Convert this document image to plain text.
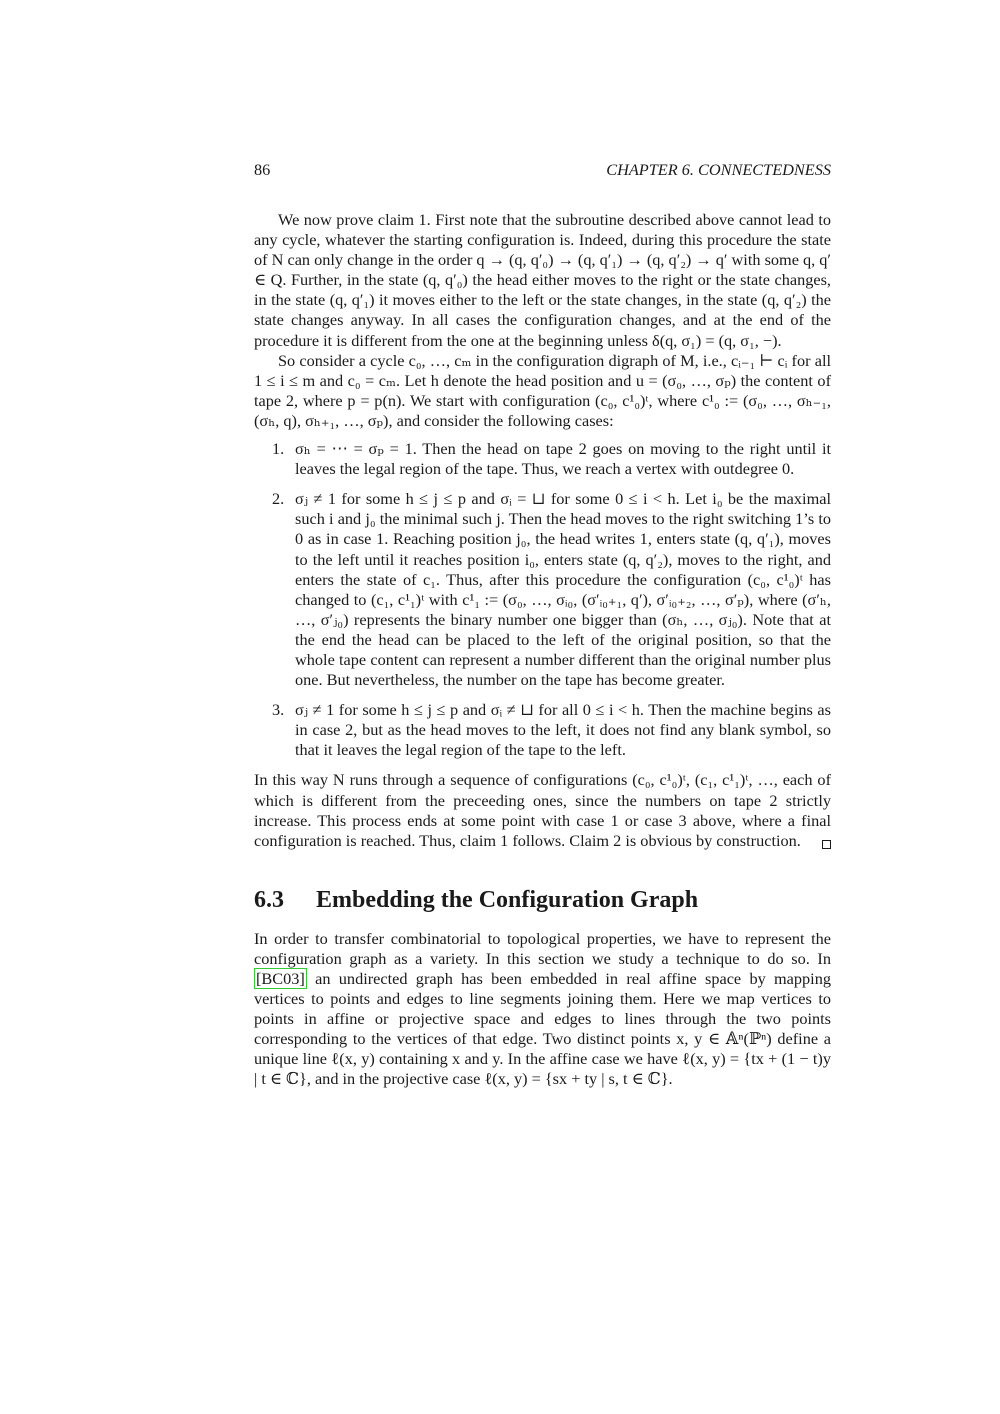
86	CHAPTER 6. CONNECTEDNESS

We now prove claim 1. First note that the subroutine described above cannot lead to any cycle, whatever the starting configuration is. Indeed, during this procedure the state of N can only change in the order q → (q, q′₀) → (q, q′₁) → (q, q′₂) → q′ with some q, q′ ∈ Q. Further, in the state (q, q′₀) the head either moves to the right or the state changes, in the state (q, q′₁) it moves either to the left or the state changes, in the state (q, q′₂) the state changes anyway. In all cases the configuration changes, and at the end of the procedure it is different from the one at the beginning unless δ(q, σ₁) = (q, σ₁, −).

So consider a cycle c₀, …, cₘ in the configuration digraph of M, i.e., cᵢ₋₁ ⊢ cᵢ for all 1 ≤ i ≤ m and c₀ = cₘ. Let h denote the head position and u = (σ₀, …, σₚ) the content of tape 2, where p = p(n). We start with configuration (c₀, c¹₀)ᵗ, where c¹₀ := (σ₀, …, σₕ₋₁, (σₕ, q), σₕ₊₁, …, σₚ), and consider the following cases:

1. σₕ = ⋯ = σₚ = 1. Then the head on tape 2 goes on moving to the right until it leaves the legal region of the tape. Thus, we reach a vertex with outdegree 0.
2. σⱼ ≠ 1 for some h ≤ j ≤ p and σᵢ = ⊔ for some 0 ≤ i < h. Let i₀ be the maximal such i and j₀ the minimal such j. Then the head moves to the right switching 1’s to 0 as in case 1. Reaching position j₀, the head writes 1, enters state (q, q′₁), moves to the left until it reaches position i₀, enters state (q, q′₂), moves to the right, and enters the state of c₁. Thus, after this procedure the configuration (c₀, c¹₀)ᵗ has changed to (c₁, c¹₁)ᵗ with c¹₁ := (σ₀, …, σᵢ₀, (σ′ᵢ₀₊₁, q′), σ′ᵢ₀₊₂, …, σ′ₚ), where (σ′ₕ, …, σ′ⱼ₀) represents the binary number one bigger than (σₕ, …, σⱼ₀). Note that at the end the head can be placed to the left of the original position, so that the whole tape content can represent a number different than the original number plus one. But nevertheless, the number on the tape has become greater.
3. σⱼ ≠ 1 for some h ≤ j ≤ p and σᵢ ≠ ⊔ for all 0 ≤ i < h. Then the machine begins as in case 2, but as the head moves to the left, it does not find any blank symbol, so that it leaves the legal region of the tape to the left.

In this way N runs through a sequence of configurations (c₀, c¹₀)ᵗ, (c₁, c¹₁)ᵗ, …, each of which is different from the preceeding ones, since the numbers on tape 2 strictly increase. This process ends at some point with case 1 or case 3 above, where a final configuration is reached. Thus, claim 1 follows. Claim 2 is obvious by construction.

6.3 Embedding the Configuration Graph

In order to transfer combinatorial to topological properties, we have to represent the configuration graph as a variety. In this section we study a technique to do so. In [BC03] an undirected graph has been embedded in real affine space by mapping vertices to points and edges to line segments joining them. Here we map vertices to points in affine or projective space and edges to lines through the two points corresponding to the vertices of that edge. Two distinct points x, y ∈ 𝔸ⁿ(ℙⁿ) define a unique line ℓ(x, y) containing x and y. In the affine case we have ℓ(x, y) = {tx + (1 − t)y | t ∈ ℂ}, and in the projective case ℓ(x, y) = {sx + ty | s, t ∈ ℂ}.
